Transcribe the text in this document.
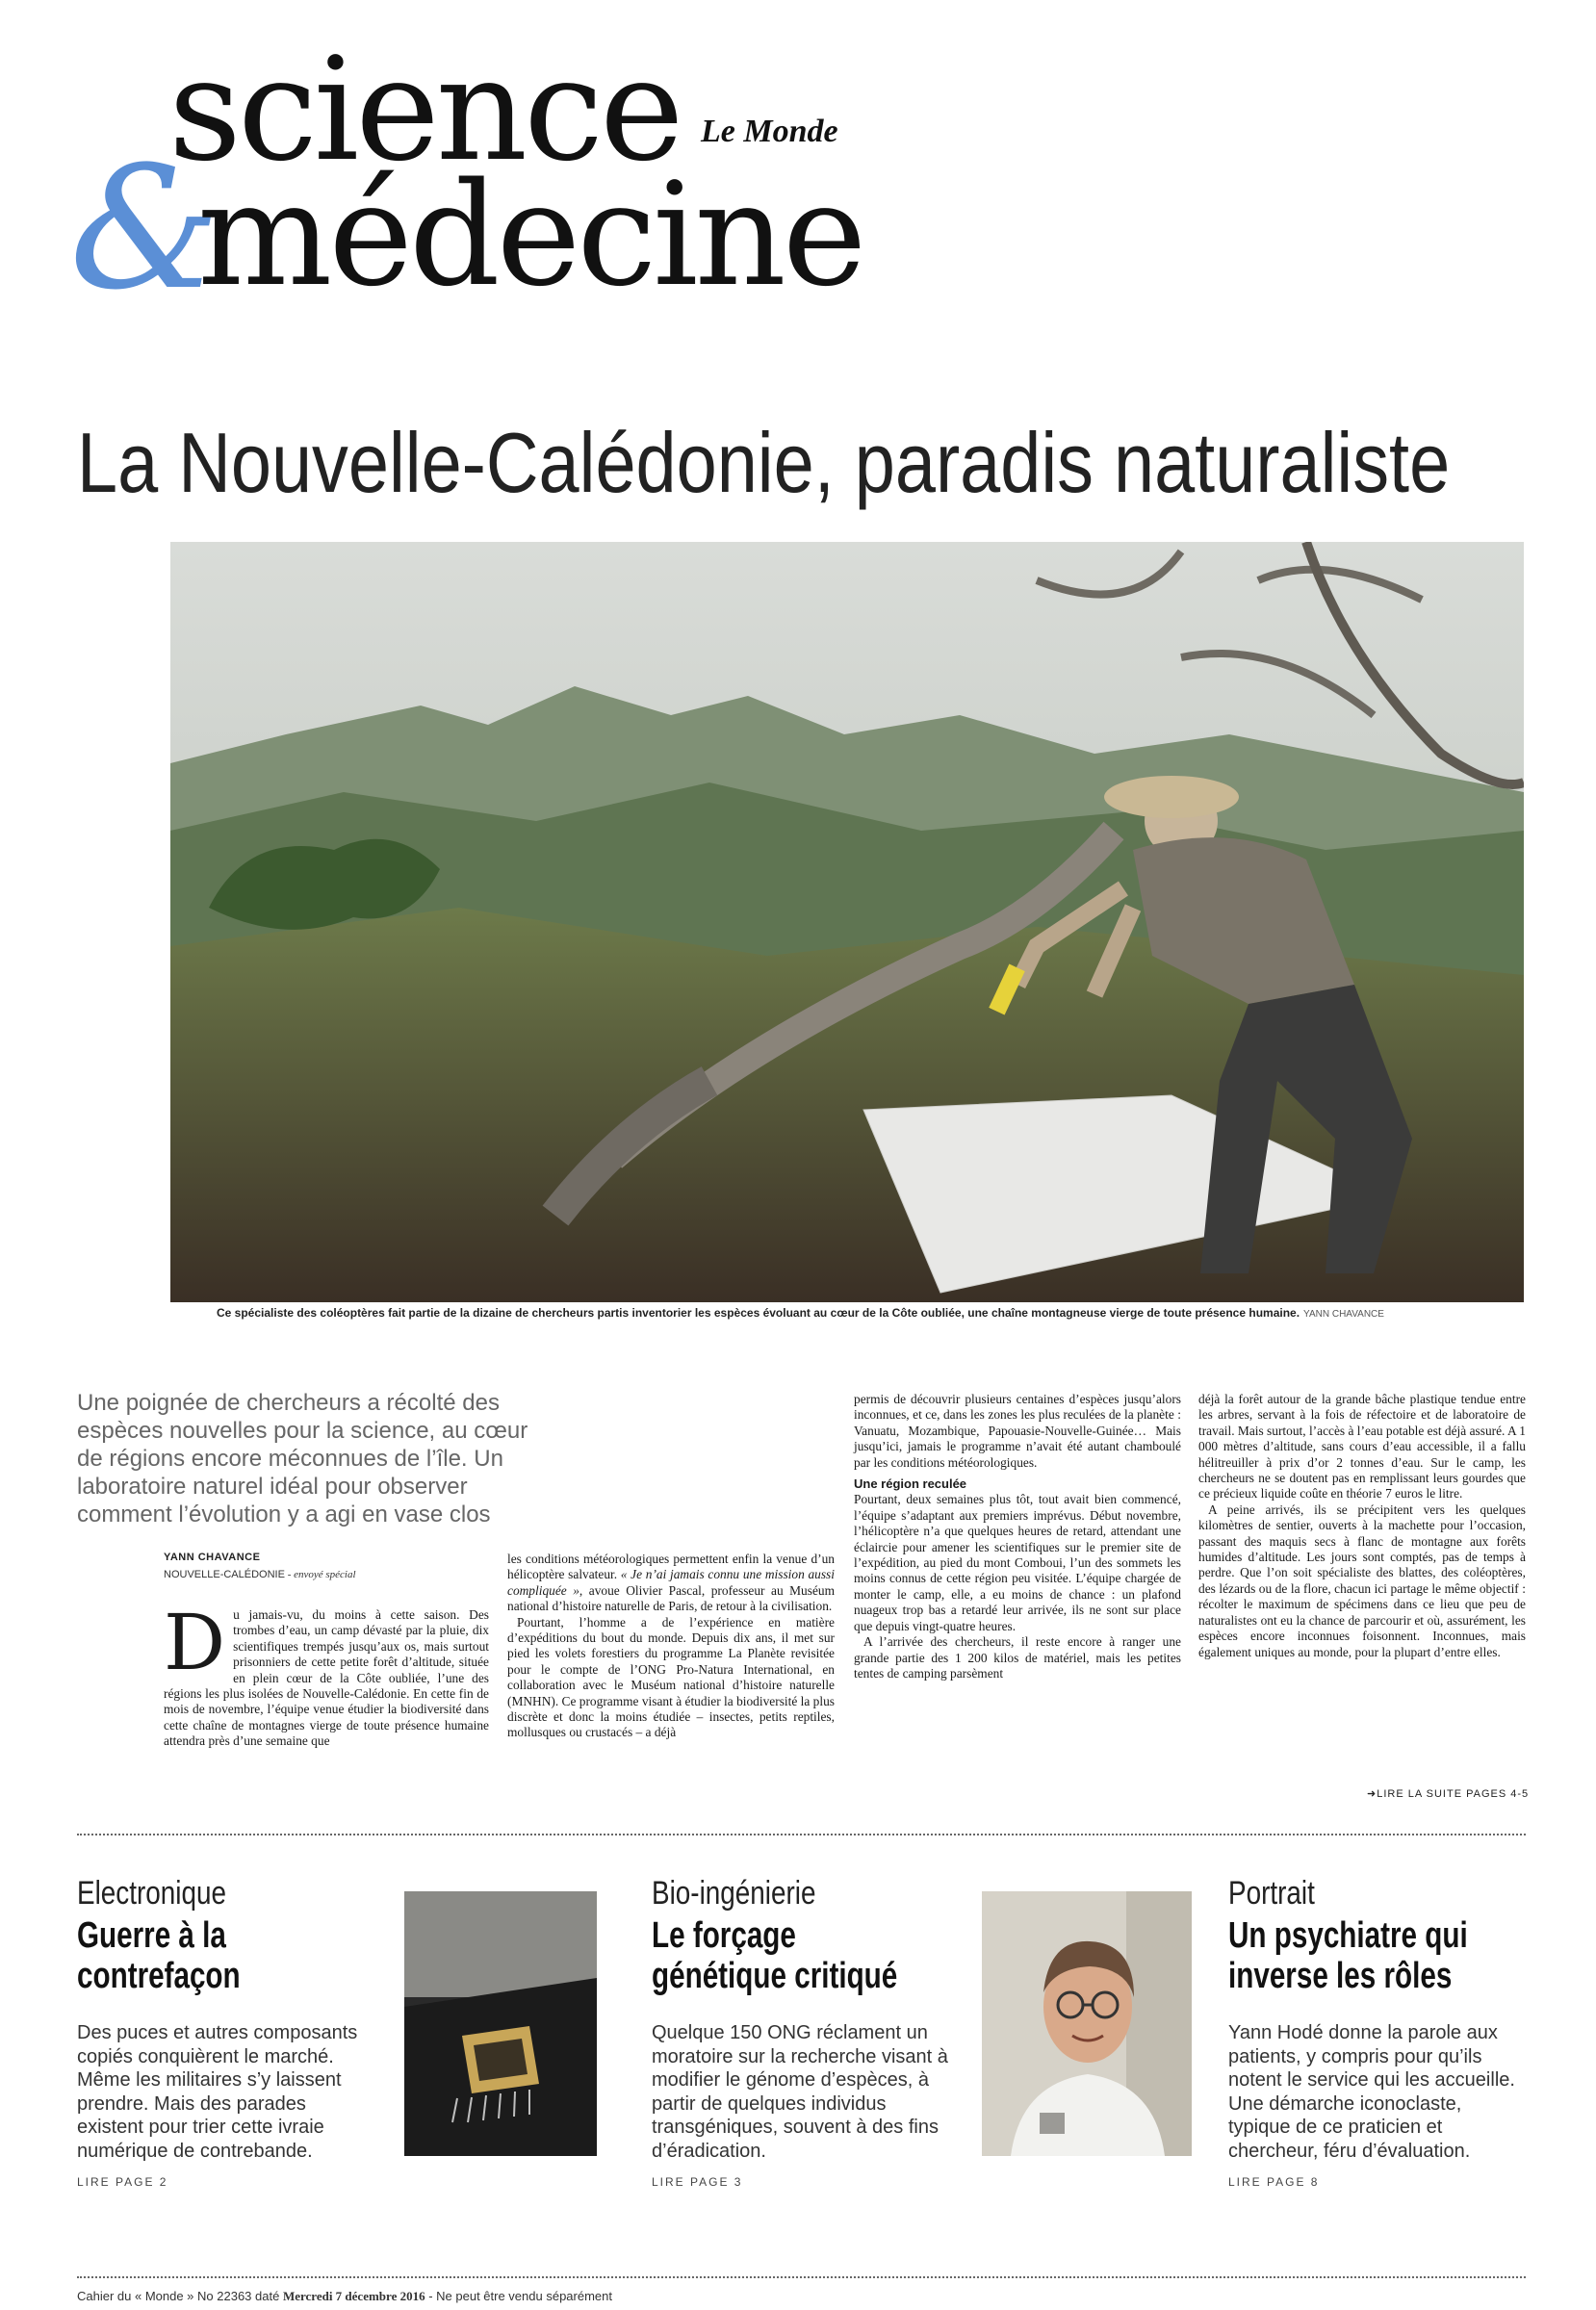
science Le Monde
&
médecine
La Nouvelle-Calédonie, paradis naturaliste
Ce spécialiste des coléoptères fait partie de la dizaine de chercheurs partis inventorier les espèces évoluant au cœur de la Côte oubliée, une chaîne montagneuse vierge de toute présence humaine. YANN CHAVANCE
Une poignée de chercheurs a récolté des espèces nouvelles pour la science, au cœur de régions encore méconnues de l’île. Un laboratoire naturel idéal pour observer comment l’évolution y a agi en vase clos
YANN CHAVANCE
NOUVELLE-CALÉDONIE - envoyé spécial
D u jamais-vu, du moins à cette saison. Des trombes d’eau, un camp dévasté par la pluie, dix scientifiques trempés jusqu’aux os, mais surtout prisonniers de cette petite forêt d’altitude, située en plein cœur de la Côte oubliée, l’une des régions les plus isolées de Nouvelle-Calédonie. En cette fin de mois de novembre, l’équipe venue étudier la biodiversité dans cette chaîne de montagnes vierge de toute présence humaine attendra près d’une semaine que

les conditions météorologiques permettent enfin la venue d’un hélicoptère salvateur. « Je n’ai jamais connu une mission aussi compliquée », avoue Olivier Pascal, professeur au Muséum national d’histoire naturelle de Paris, de retour à la civilisation.

Pourtant, l’homme a de l’expérience en matière d’expéditions du bout du monde. Depuis dix ans, il met sur pied les volets forestiers du programme La Planète revisitée pour le compte de l’ONG Pro-Natura International, en collaboration avec le Muséum national d’histoire naturelle (MNHN). Ce programme visant à étudier la biodiversité la plus discrète et donc la moins étudiée – insectes, petits reptiles, mollusques ou crustacés – a déjà

permis de découvrir plusieurs centaines d’espèces jusqu’alors inconnues, et ce, dans les zones les plus reculées de la planète : Vanuatu, Mozambique, Papouasie-Nouvelle-Guinée… Mais jusqu’ici, jamais le programme n’avait été autant chamboulé par les conditions météorologiques.

Une région reculée

Pourtant, deux semaines plus tôt, tout avait bien commencé, l’équipe s’adaptant aux premiers imprévus. Début novembre, l’hélicoptère n’a que quelques heures de retard, attendant une éclaircie pour amener les scientifiques sur le premier site de l’expédition, au pied du mont Comboui, l’un des sommets les moins connus de cette région peu visitée. L’équipe chargée de monter le camp, elle, a eu moins de chance : un plafond nuageux trop bas a retardé leur arrivée, ils ne sont sur place que depuis vingt-quatre heures.

A l’arrivée des chercheurs, il reste encore à ranger une grande partie des 1 200 kilos de matériel, mais les petites tentes de camping parsèment

déjà la forêt autour de la grande bâche plastique tendue entre les arbres, servant à la fois de réfectoire et de laboratoire de travail. Mais surtout, l’accès à l’eau potable est déjà assuré. A 1 000 mètres d’altitude, sans cours d’eau accessible, il a fallu hélitreuiller à prix d’or 2 tonnes d’eau. Sur le camp, les chercheurs ne se doutent pas en remplissant leurs gourdes que ce précieux liquide coûte en théorie 7 euros le litre.

A peine arrivés, ils se précipitent vers les quelques kilomètres de sentier, ouverts à la machette pour l’occasion, passant des maquis secs à flanc de montagne aux forêts humides d’altitude. Les jours sont comptés, pas de temps à perdre. Que l’on soit spécialiste des blattes, des coléoptères, des lézards ou de la flore, chacun ici partage le même objectif : récolter le maximum de spécimens dans ce lieu que peu de naturalistes ont eu la chance de parcourir et où, assurément, les espèces encore inconnues foisonnent. Inconnues, mais également uniques au monde, pour la plupart d’entre elles.

➜LIRE LA SUITE PAGES 4-5
Electronique
Guerre à la contrefaçon
Des puces et autres composants copiés conquièrent le marché. Même les militaires s’y laissent prendre. Mais des parades existent pour trier cette ivraie numérique de contrebande.
LIRE PAGE 2
Bio-ingénierie
Le forçage génétique critiqué
Quelque 150 ONG réclament un moratoire sur la recherche visant à modifier le génome d’espèces, à partir de quelques individus transgéniques, souvent à des fins d’éradication.
LIRE PAGE 3
Portrait
Un psychiatre qui inverse les rôles
Yann Hodé donne la parole aux patients, y compris pour qu’ils notent le service qui les accueille. Une démarche iconoclaste, typique de ce praticien et chercheur, féru d’évaluation.
LIRE PAGE 8
Cahier du « Monde » No 22363 daté Mercredi 7 décembre 2016 - Ne peut être vendu séparément
